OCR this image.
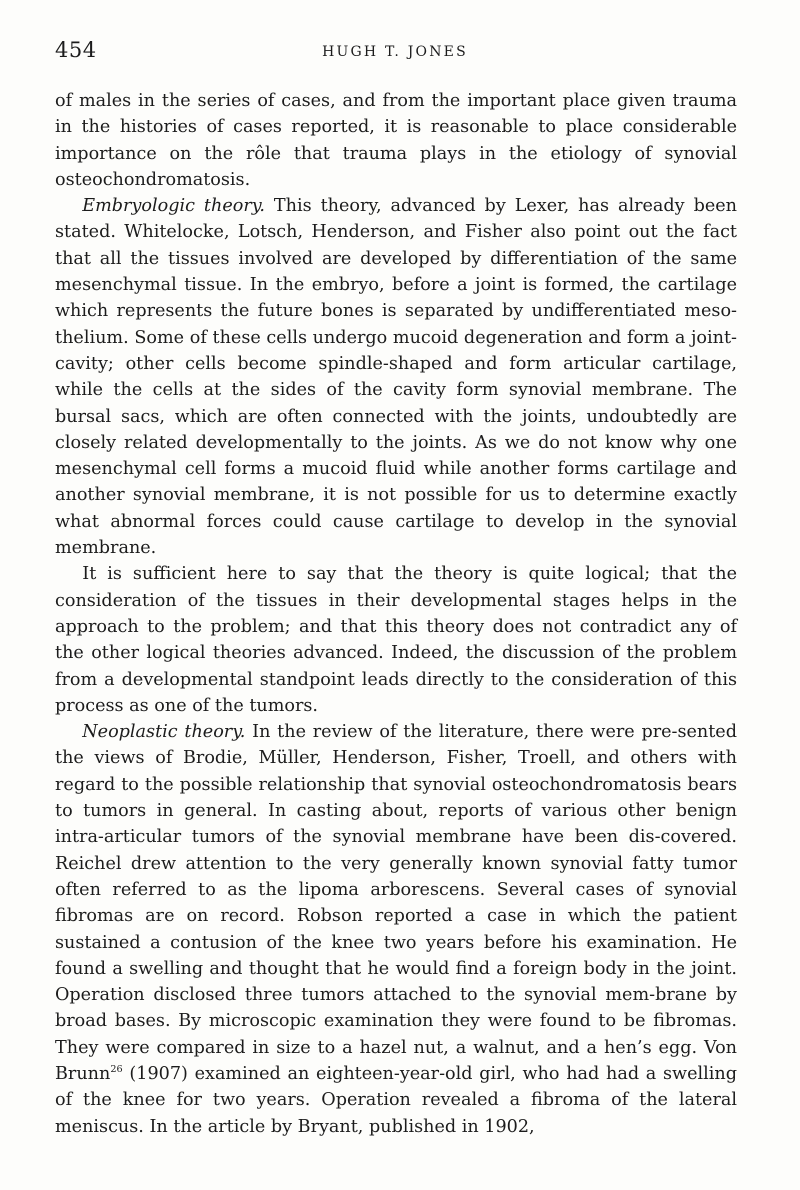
454	HUGH T. JONES

of males in the series of cases, and from the important place given trauma in the histories of cases reported, it is reasonable to place considerable importance on the rôle that trauma plays in the etiology of synovial osteochondromatosis.

Embryologic theory. This theory, advanced by Lexer, has already been stated. Whitelocke, Lotsch, Henderson, and Fisher also point out the fact that all the tissues involved are developed by differentiation of the same mesenchymal tissue. In the embryo, before a joint is formed, the cartilage which represents the future bones is separated by undifferentiated meso-thelium. Some of these cells undergo mucoid degeneration and form a joint-cavity; other cells become spindle-shaped and form articular cartilage, while the cells at the sides of the cavity form synovial membrane. The bursal sacs, which are often connected with the joints, undoubtedly are closely related developmentally to the joints. As we do not know why one mesenchymal cell forms a mucoid fluid while another forms cartilage and another synovial membrane, it is not possible for us to determine exactly what abnormal forces could cause cartilage to develop in the synovial membrane.

It is sufficient here to say that the theory is quite logical; that the consideration of the tissues in their developmental stages helps in the approach to the problem; and that this theory does not contradict any of the other logical theories advanced. Indeed, the discussion of the problem from a developmental standpoint leads directly to the consideration of this process as one of the tumors.

Neoplastic theory. In the review of the literature, there were pre-sented the views of Brodie, Müller, Henderson, Fisher, Troell, and others with regard to the possible relationship that synovial osteochondromatosis bears to tumors in general. In casting about, reports of various other benign intra-articular tumors of the synovial membrane have been dis-covered. Reichel drew attention to the very generally known synovial fatty tumor often referred to as the lipoma arborescens. Several cases of synovial fibromas are on record. Robson reported a case in which the patient sustained a contusion of the knee two years before his examination. He found a swelling and thought that he would find a foreign body in the joint. Operation disclosed three tumors attached to the synovial mem-brane by broad bases. By microscopic examination they were found to be fibromas. They were compared in size to a hazel nut, a walnut, and a hen’s egg. Von Brunn$^{26}$ (1907) examined an eighteen-year-old girl, who had had a swelling of the knee for two years. Operation revealed a fibroma of the lateral meniscus. In the article by Bryant, published in 1902,
